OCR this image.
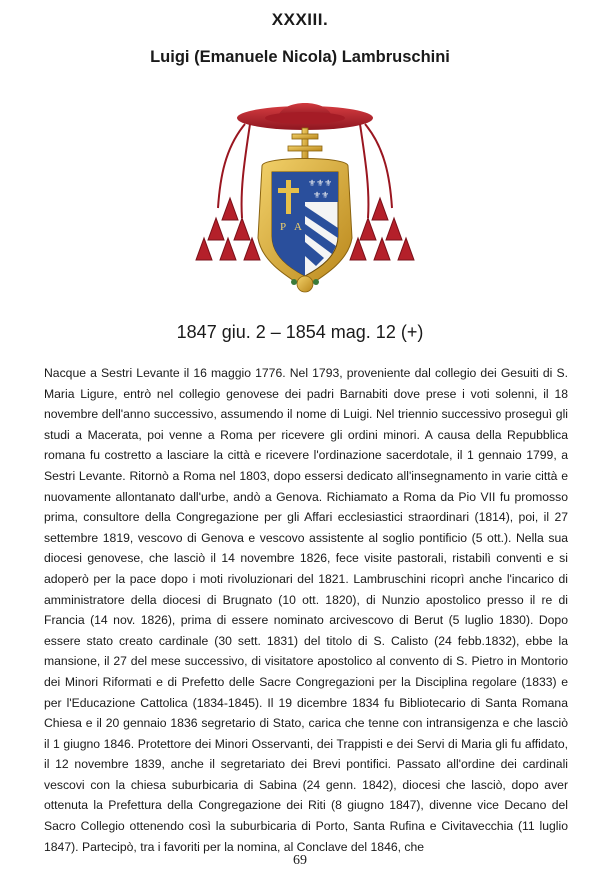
XXXIII.
Luigi (Emanuele Nicola) Lambruschini
P A
⚜⚜⚜
⚜⚜
1847 giu. 2 – 1854 mag. 12 (+)

Nacque a Sestri Levante il 16 maggio 1776. Nel 1793, proveniente dal collegio dei Gesuiti di S. Maria Ligure, entrò nel collegio genovese dei padri Barnabiti dove prese i voti solenni, il 18 novembre dell'anno successivo, assumendo il nome di Luigi. Nel triennio successivo proseguì gli studi a Macerata, poi venne a Roma per ricevere gli ordini minori. A causa della Repubblica romana fu costretto a lasciare la città e ricevere l'ordinazione sacerdotale, il 1 gennaio 1799, a Sestri Levante. Ritornò a Roma nel 1803, dopo essersi dedicato all'insegnamento in varie città e nuovamente allontanato dall'urbe, andò a Genova. Richiamato a Roma da Pio VII fu promosso prima, consultore della Congregazione per gli Affari ecclesiastici straordinari (1814), poi, il 27 settembre 1819, vescovo di Genova e vescovo assistente al soglio pontificio (5 ott.). Nella sua diocesi genovese, che lasciò il 14 novembre 1826, fece visite pastorali, ristabilì conventi e si adoperò per la pace dopo i moti rivoluzionari del 1821. Lambruschini ricoprì anche l'incarico di amministratore della diocesi di Brugnato (10 ott. 1820), di Nunzio apostolico presso il re di Francia (14 nov. 1826), prima di essere nominato arcivescovo di Berut (5 luglio 1830). Dopo essere stato creato cardinale (30 sett. 1831) del titolo di S. Calisto (24 febb.1832), ebbe la mansione, il 27 del mese successivo, di visitatore apostolico al convento di S. Pietro in Montorio dei Minori Riformati e di Prefetto delle Sacre Congregazioni per la Disciplina regolare (1833) e per l'Educazione Cattolica (1834-1845). Il 19 dicembre 1834 fu Bibliotecario di Santa Romana Chiesa e il 20 gennaio 1836 segretario di Stato, carica che tenne con intransigenza e che lasciò il 1 giugno 1846. Protettore dei Minori Osservanti, dei Trappisti e dei Servi di Maria gli fu affidato, il 12 novembre 1839, anche il segretariato dei Brevi pontifici. Passato all'ordine dei cardinali vescovi con la chiesa suburbicaria di Sabina (24 genn. 1842), diocesi che lasciò, dopo aver ottenuta la Prefettura della Congregazione dei Riti (8 giugno 1847), divenne vice Decano del Sacro Collegio ottenendo così la suburbicaria di Porto, Santa Rufina e Civitavecchia (11 luglio 1847). Partecipò, tra i favoriti per la nomina, al Conclave del 1846, che

69
